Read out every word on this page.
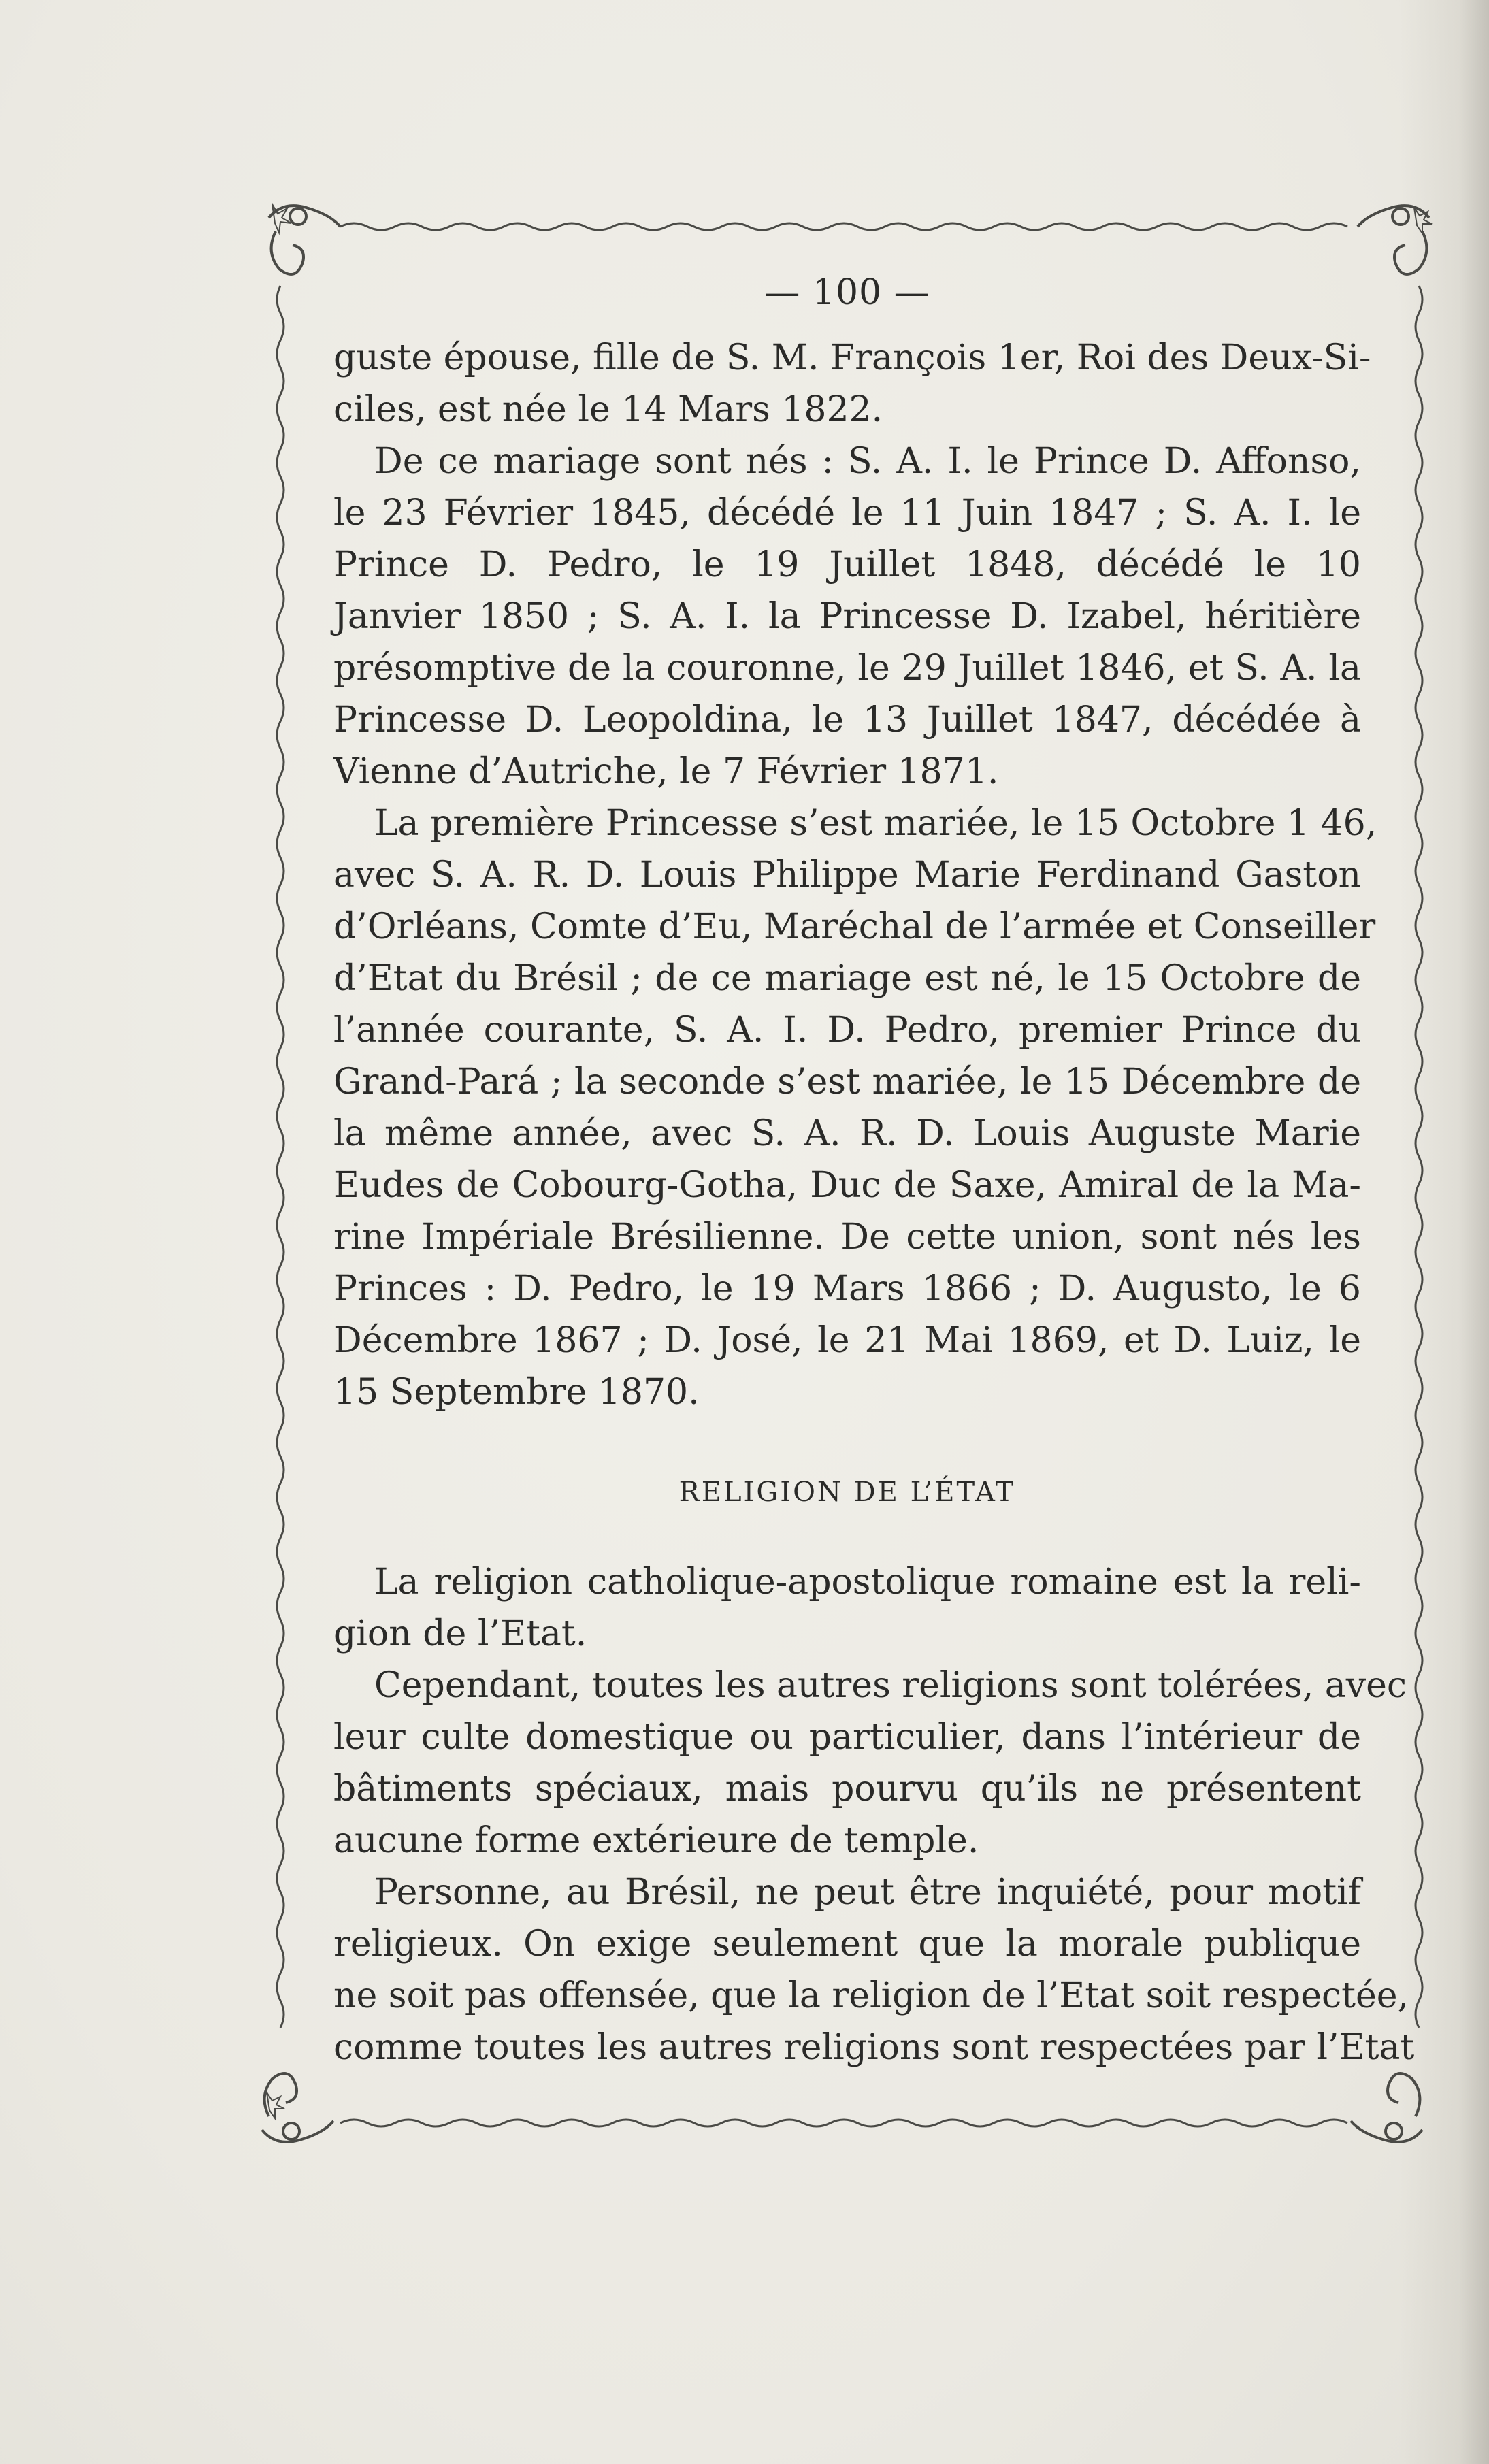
— 100 —
guste épouse, fille de S. M. François 1er, Roi des Deux-Si-
ciles, est née le 14 Mars 1822.
De ce mariage sont nés : S. A. I. le Prince D. Affonso,
le 23 Février 1845, décédé le 11 Juin 1847 ; S. A. I. le
Prince D. Pedro, le 19 Juillet 1848, décédé le 10
Janvier 1850 ; S. A. I. la Princesse D. Izabel, héritière
présomptive de la couronne, le 29 Juillet 1846, et S. A. la
Princesse D. Leopoldina, le 13 Juillet 1847, décédée à
Vienne d’Autriche, le 7 Février 1871.
La première Princesse s’est mariée, le 15 Octobre 1 46,
avec S. A. R. D. Louis Philippe Marie Ferdinand Gaston
d’Orléans, Comte d’Eu, Maréchal de l’armée et Conseiller
d’Etat du Brésil ; de ce mariage est né, le 15 Octobre de
l’année courante, S. A. I. D. Pedro, premier Prince du
Grand-Pará ; la seconde s’est mariée, le 15 Décembre de
la même année, avec S. A. R. D. Louis Auguste Marie
Eudes de Cobourg-Gotha, Duc de Saxe, Amiral de la Ma-
rine Impériale Brésilienne. De cette union, sont nés les
Princes : D. Pedro, le 19 Mars 1866 ; D. Augusto, le 6
Décembre 1867 ; D. José, le 21 Mai 1869, et D. Luiz, le
15 Septembre 1870.
RELIGION DE L’ÉTAT
La religion catholique-apostolique romaine est la reli-
gion de l’Etat.
Cependant, toutes les autres religions sont tolérées, avec
leur culte domestique ou particulier, dans l’intérieur de
bâtiments spéciaux, mais pourvu qu’ils ne présentent
aucune forme extérieure de temple.
Personne, au Brésil, ne peut être inquiété, pour motif
religieux. On exige seulement que la morale publique
ne soit pas offensée, que la religion de l’Etat soit respectée,
comme toutes les autres religions sont respectées par l’Etat
